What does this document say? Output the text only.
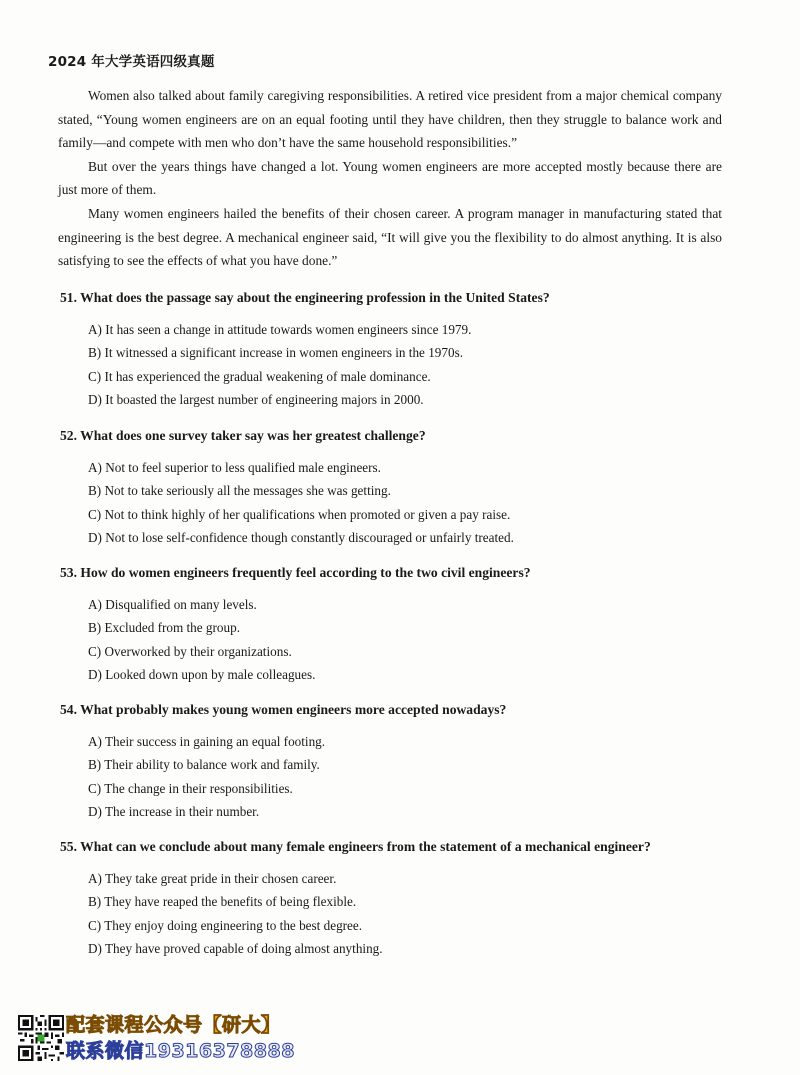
2024 年大学英语四级真题

Women also talked about family caregiving responsibilities. A retired vice president from a major chemical company stated, “Young women engineers are on an equal footing until they have children, then they struggle to balance work and family—and compete with men who don’t have the same household responsibilities.”

But over the years things have changed a lot. Young women engineers are more accepted mostly because there are just more of them.

Many women engineers hailed the benefits of their chosen career. A program manager in manufacturing stated that engineering is the best degree. A mechanical engineer said, “It will give you the flexibility to do almost anything. It is also satisfying to see the effects of what you have done.”

51. What does the passage say about the engineering profession in the United States?
A) It has seen a change in attitude towards women engineers since 1979.
B) It witnessed a significant increase in women engineers in the 1970s.
C) It has experienced the gradual weakening of male dominance.
D) It boasted the largest number of engineering majors in 2000.
52. What does one survey taker say was her greatest challenge?
A) Not to feel superior to less qualified male engineers.
B) Not to take seriously all the messages she was getting.
C) Not to think highly of her qualifications when promoted or given a pay raise.
D) Not to lose self-confidence though constantly discouraged or unfairly treated.
53. How do women engineers frequently feel according to the two civil engineers?
A) Disqualified on many levels.
B) Excluded from the group.
C) Overworked by their organizations.
D) Looked down upon by male colleagues.
54. What probably makes young women engineers more accepted nowadays?
A) Their success in gaining an equal footing.
B) Their ability to balance work and family.
C) The change in their responsibilities.
D) The increase in their number.
55. What can we conclude about many female engineers from the statement of a mechanical engineer?
A) They take great pride in their chosen career.
B) They have reaped the benefits of being flexible.
C) They enjoy doing engineering to the best degree.
D) They have proved capable of doing almost anything.
配套课程公众号【研大】
联系微信19316378888
